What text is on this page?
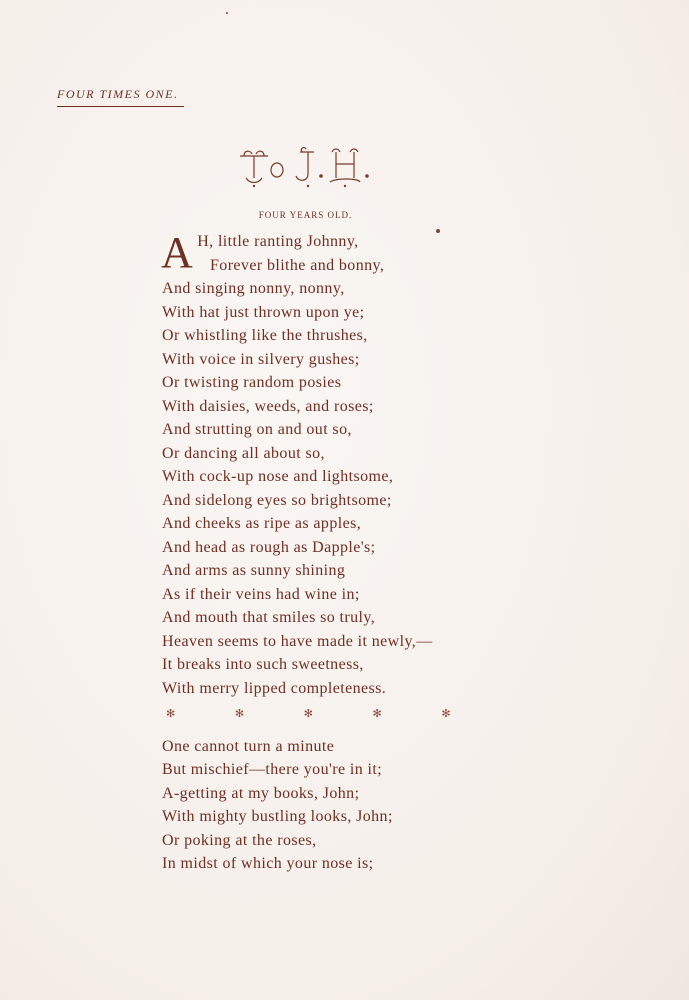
FOUR TIMES ONE.
FOUR YEARS OLD.
A H, little ranting Johnny,
Forever blithe and bonny,
And singing nonny, nonny,
With hat just thrown upon ye;
Or whistling like the thrushes,
With voice in silvery gushes;
Or twisting random posies
With daisies, weeds, and roses;
And strutting on and out so,
Or dancing all about so,
With cock-up nose and lightsome,
And sidelong eyes so brightsome;
And cheeks as ripe as apples,
And head as rough as Dapple's;
And arms as sunny shining
As if their veins had wine in;
And mouth that smiles so truly,
Heaven seems to have made it newly,—
It breaks into such sweetness,
With merry lipped completeness.
✻	✻	✻	✻	✻
One cannot turn a minute
But mischief—there you're in it;
A-getting at my books, John;
With mighty bustling looks, John;
Or poking at the roses,
In midst of which your nose is;
